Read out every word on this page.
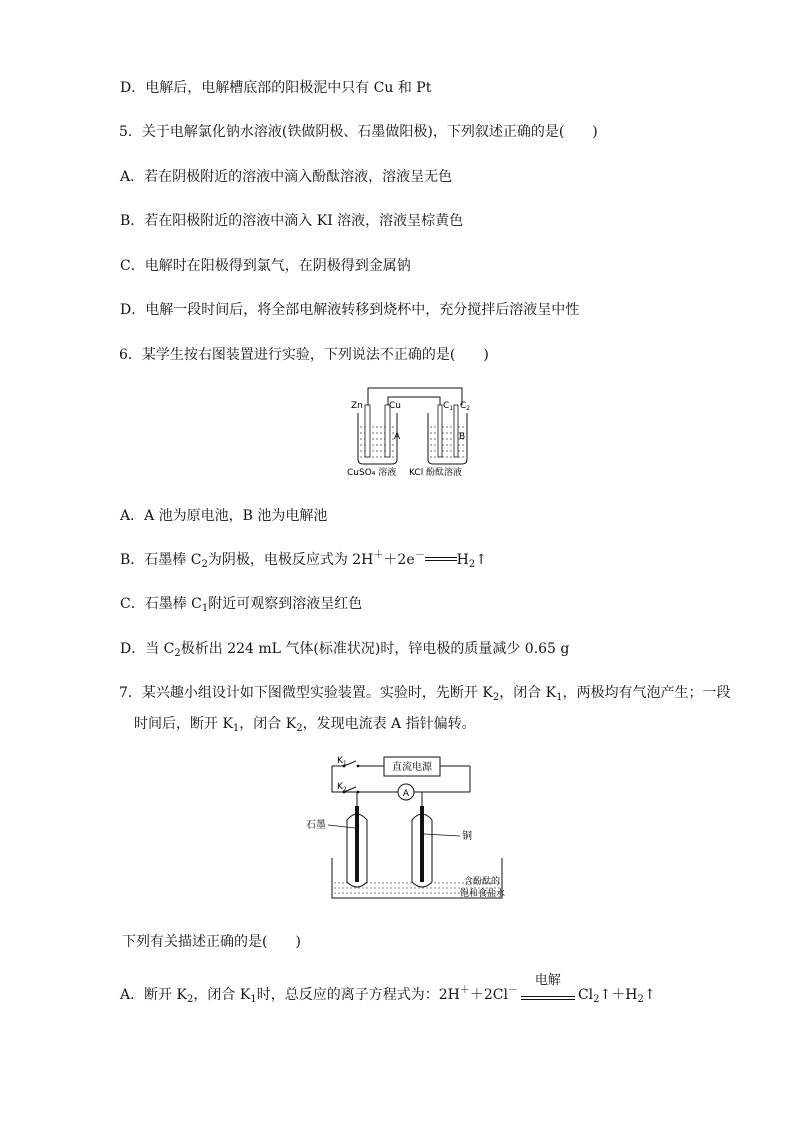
D．电解后，电解槽底部的阳极泥中只有 Cu 和 Pt
5．关于电解氯化钠水溶液(铁做阴极、石墨做阳极)，下列叙述正确的是(　　)
A．若在阴极附近的溶液中滴入酚酞溶液，溶液呈无色
B．若在阳极附近的溶液中滴入 KI 溶液，溶液呈棕黄色
C．电解时在阳极得到氯气，在阴极得到金属钠
D．电解一段时间后，将全部电解液转移到烧杯中，充分搅拌后溶液呈中性
6．某学生按右图装置进行实验，下列说法不正确的是(　　)
Zn	Cu	$C_1$ $C_2$
A	B
CuSO₄ 溶液 KCl 酚酞溶液
A．A 池为原电池，B 池为电解池
B．石墨棒 $C_2$为阴极，电极反应式为 2H＋＋2e－ $H_2↑$
C．石墨棒 $C_1$附近可观察到溶液呈红色
D．当 $C_2$极析出 224 mL 气体(标准状况)时，锌电极的质量减少 0.65 g
7．某兴趣小组设计如下图微型实验装置。实验时，先断开 $K_2$，闭合 $K_1$，两极均有气泡产生；一段
时间后，断开 $K_1$，闭合 $K_2$，发现电流表 A 指针偏转。
$K_1$
$K_2$
直流电源
A
石墨
铜
含酚酞的
饱和食盐水
下列有关描述正确的是(　　)
A．断开 $K_2$，闭合 $K_1$时，总反应的离子方程式为：2H＋＋2Cl－
电解
$Cl_2↑+H_2↑$
